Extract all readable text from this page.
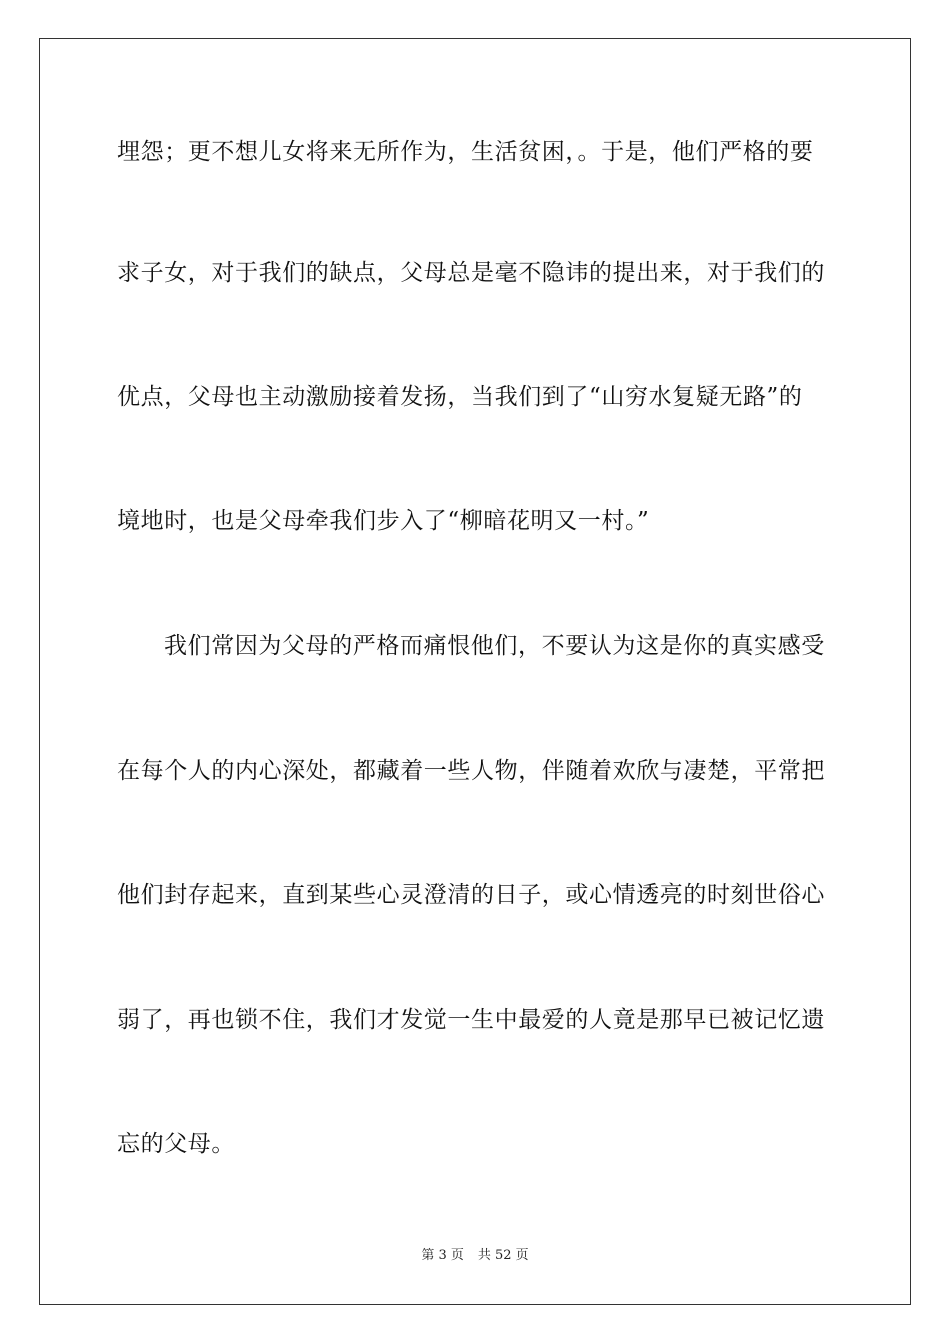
埋怨；更不想儿女将来无所作为，生活贫困，。于是，他们严格的要
求子女，对于我们的缺点，父母总是毫不隐讳的提出来，对于我们的
优点，父母也主动激励接着发扬，当我们到了“山穷水复疑无路”的
境地时，也是父母牵我们步入了“柳暗花明又一村。”
我们常因为父母的严格而痛恨他们，不要认为这是你的真实感受
在每个人的内心深处，都藏着一些人物，伴随着欢欣与凄楚，平常把
他们封存起来，直到某些心灵澄清的日子，或心情透亮的时刻世俗心
弱了，再也锁不住，我们才发觉一生中最爱的人竟是那早已被记忆遗
忘的父母。
第 3 页 共 52 页
